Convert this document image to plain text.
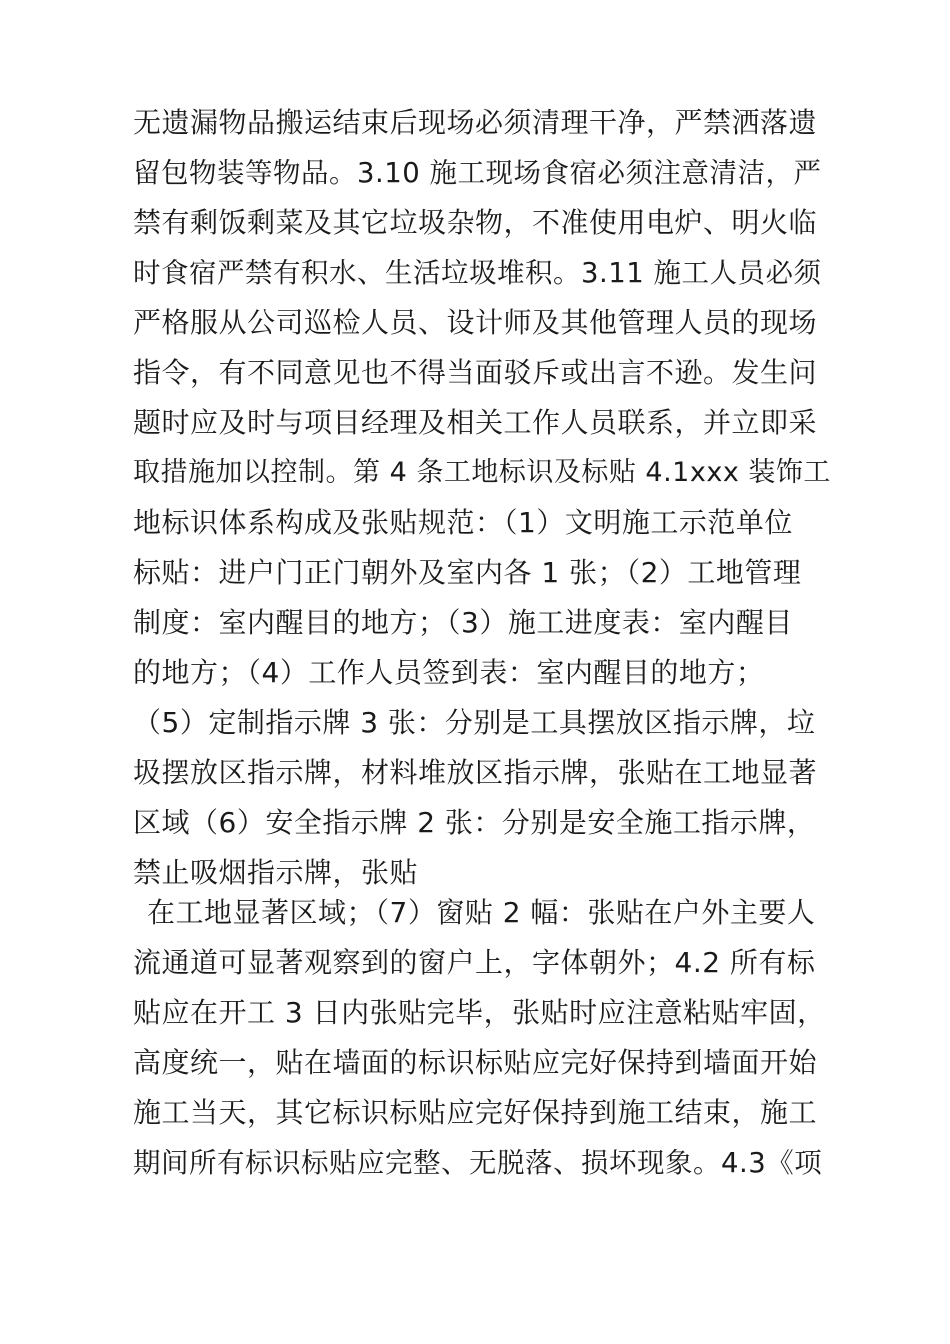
无遗漏物品搬运结束后现场必须清理干净，严禁洒落遗
留包物装等物品。3.10 施工现场食宿必须注意清洁，严
禁有剩饭剩菜及其它垃圾杂物，不准使用电炉、明火临
时食宿严禁有积水、生活垃圾堆积。3.11 施工人员必须
严格服从公司巡检人员、设计师及其他管理人员的现场
指令，有不同意见也不得当面驳斥或出言不逊。发生问
题时应及时与项目经理及相关工作人员联系，并立即采
取措施加以控制。第 4 条工地标识及标贴 4.1xxx 装饰工
地标识体系构成及张贴规范：（1）文明施工示范单位
标贴：进户门正门朝外及室内各 1 张；（2）工地管理
制度：室内醒目的地方；（3）施工进度表：室内醒目
的地方；（4）工作人员签到表：室内醒目的地方；
（5）定制指示牌 3 张：分别是工具摆放区指示牌，垃
圾摆放区指示牌，材料堆放区指示牌，张贴在工地显著
区域（6）安全指示牌 2 张：分别是安全施工指示牌，
禁止吸烟指示牌，张贴
在工地显著区域；（7）窗贴 2 幅：张贴在户外主要人
流通道可显著观察到的窗户上，字体朝外；4.2 所有标
贴应在开工 3 日内张贴完毕，张贴时应注意粘贴牢固，
高度统一，贴在墙面的标识标贴应完好保持到墙面开始
施工当天，其它标识标贴应完好保持到施工结束，施工
期间所有标识标贴应完整、无脱落、损坏现象。4.3《项
